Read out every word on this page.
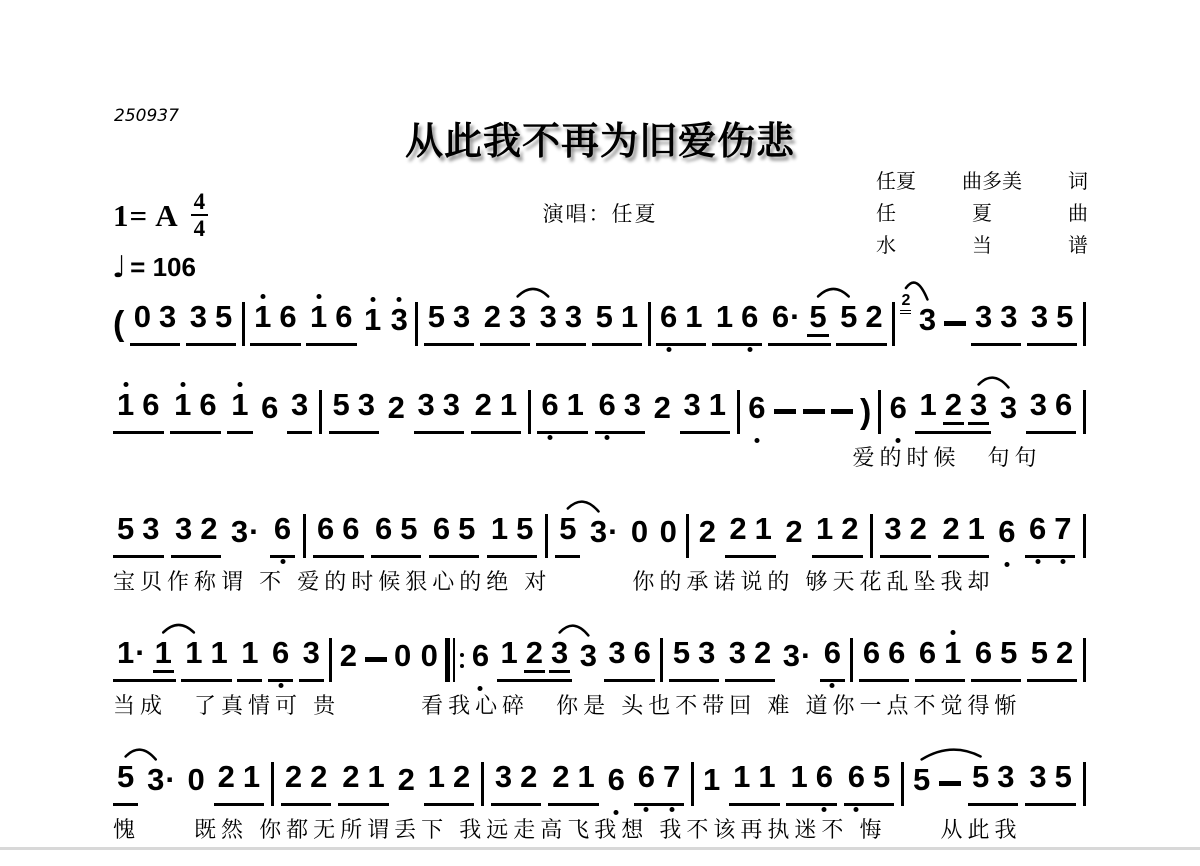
250937
从此我不再为旧爱伤悲
任夏 曲多美 词
任	夏	曲
水	当	谱
1= A $\frac{4}{4}$
♩ = 106
演唱：任夏
( 0 3 3 5 1 6 1 6 1 3 5 3 2 3 3 3 5 1 6 1 1 6 6 · 5 5 2 2
3 3 3 3 5
1 6 1 6 1 6 3 5 3 2 3 3 2 1 6 1 6 3 2 3 1 6	) 6 1 2 3 3 3 6
爱的时候　句句
5 3 3 2 3 · 6 6 6 6 5 6 5 1 5 5 3 · 0 0 2 2 1 2 1 2 3 2 2 1 6 6 7
宝贝作称谓 不 爱的时候狠心的绝 对　　　你的承诺说的 够天花乱坠我却
1 · 1 1 1 1 6 3 2 0 0 6 1 2 3 3 3 6 5 3 3 2 3 · 6 6 6 6 1 6 5 5 2
当成　了真情可 贵　　　看我心碎　你是 头也不带回 难 道你一点不觉得惭
5 3 · 0 2 1 2 2 2 1 2 1 2 3 2 2 1 6 6 7 1 1 1 1 6 6 5 5 5 3 3 5
愧　　既然 你都无所谓丢下 我远走高飞我想 我不该再执迷不 悔　　从此我
